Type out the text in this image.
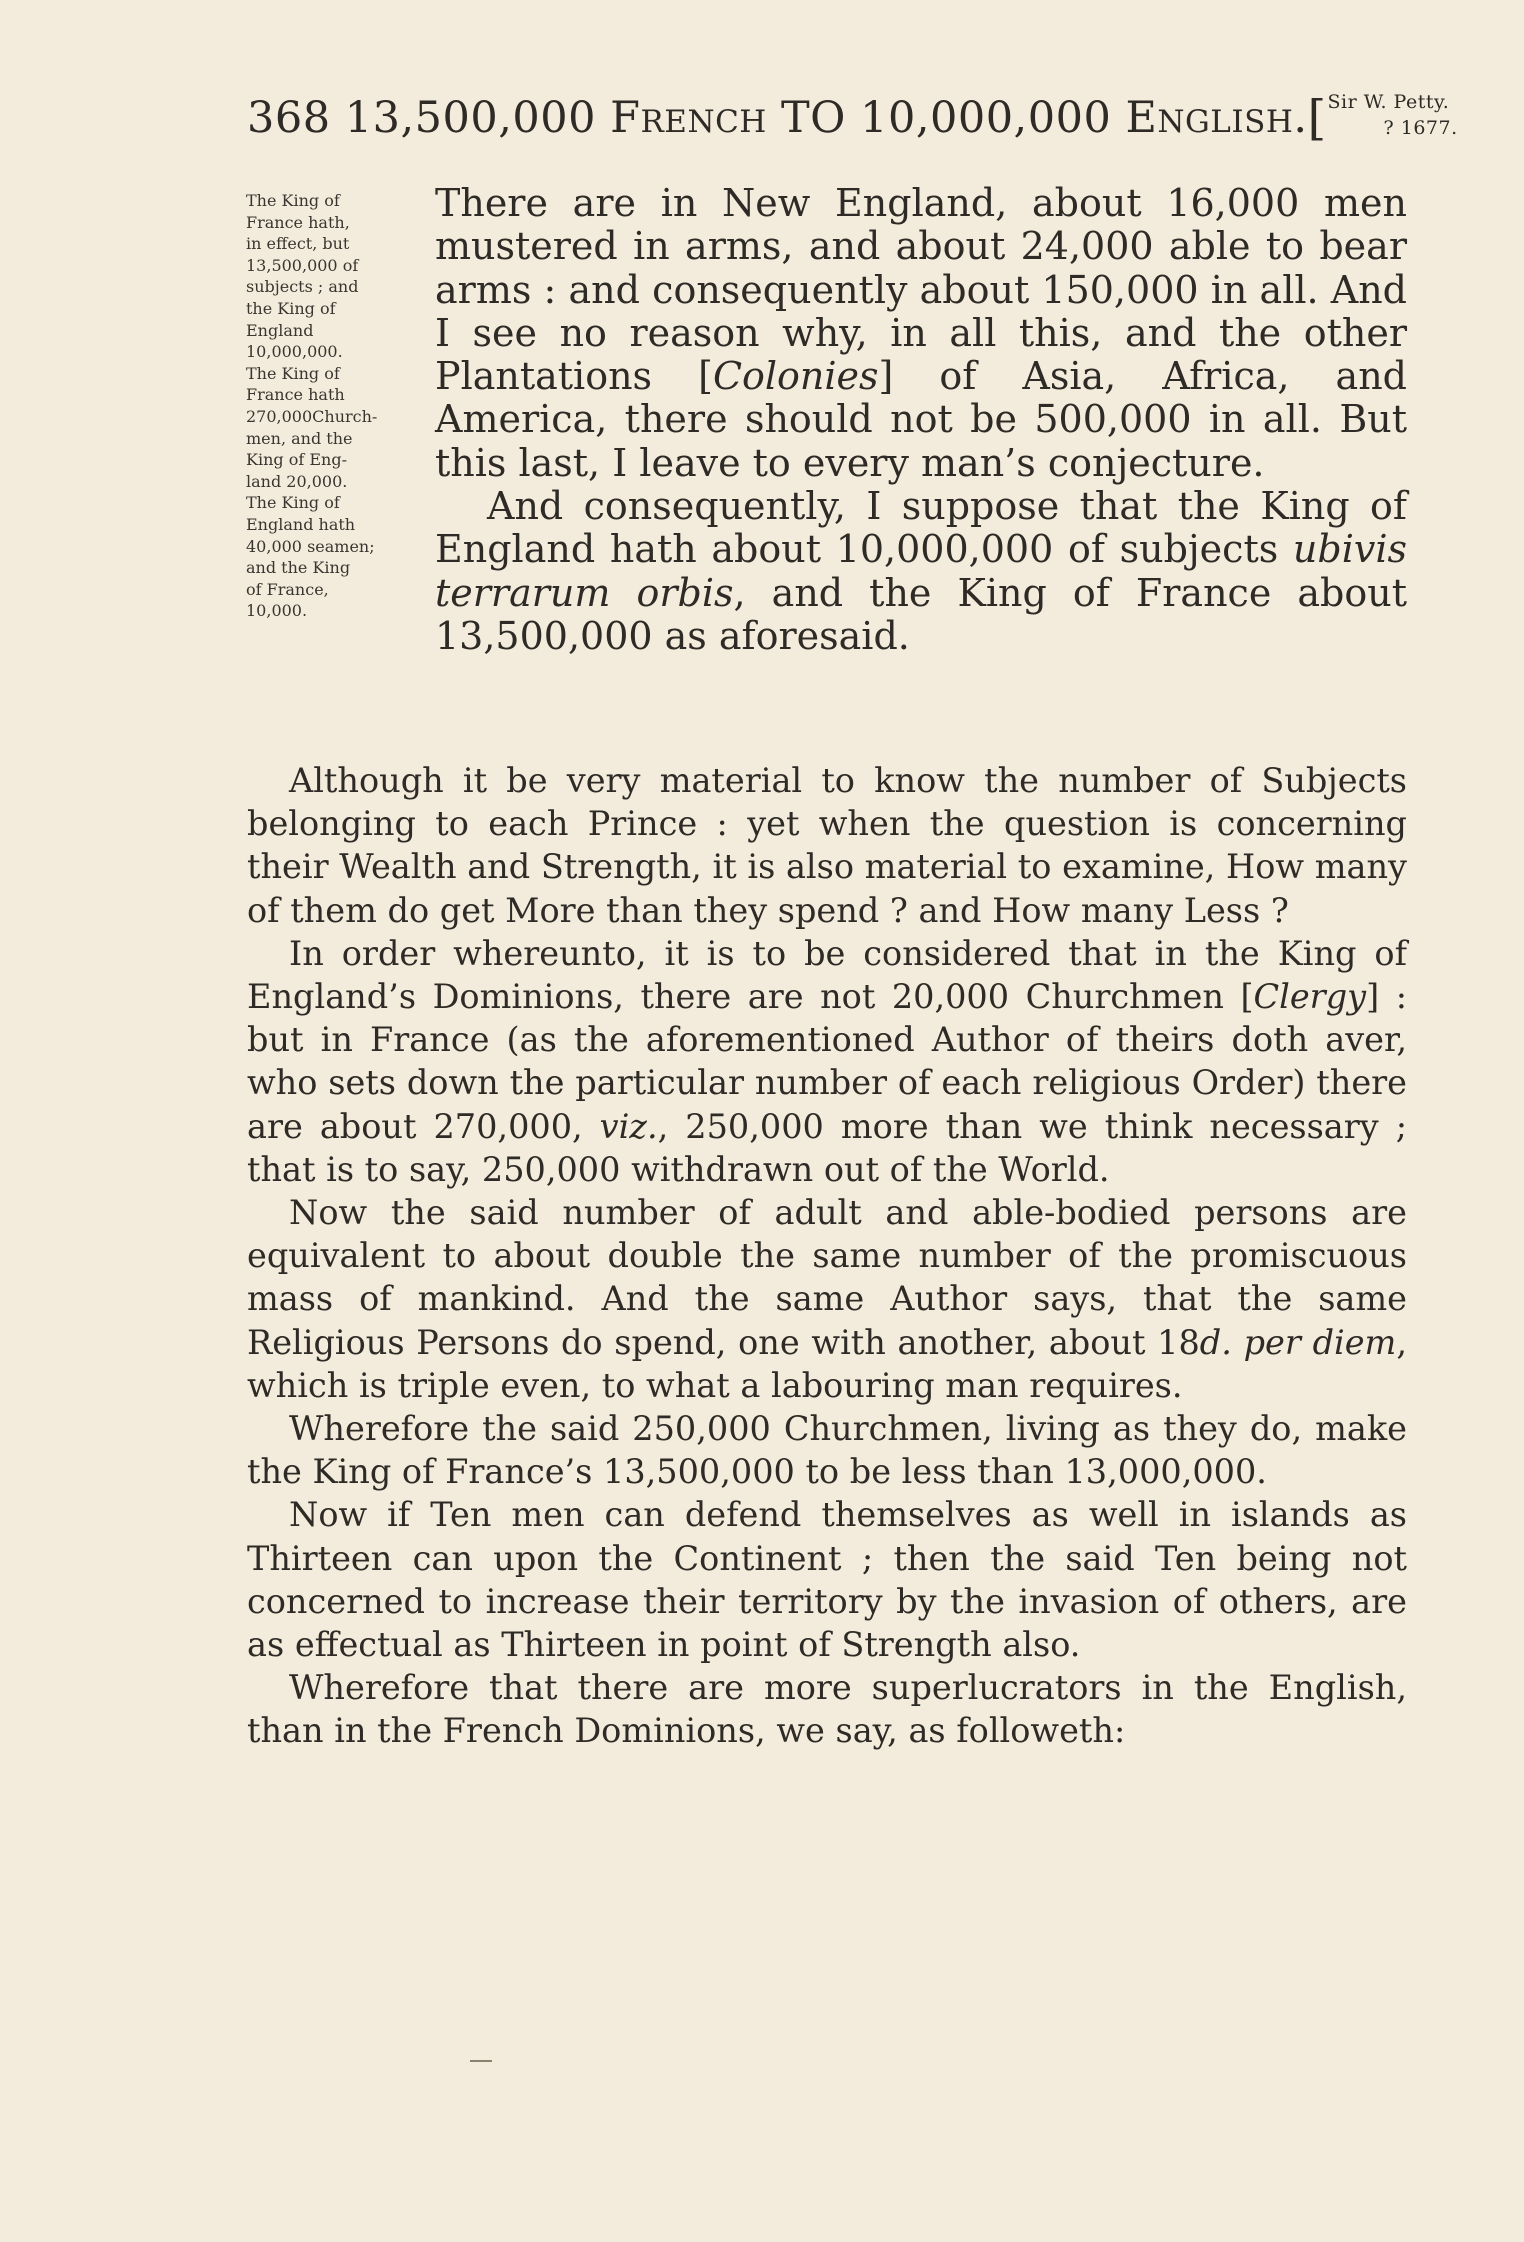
368 13,500,000 FRENCH TO 10,000,000 ENGLISH. [ Sir W. Petty.
? 1677.
The King of
France hath,
in effect, but
13,500,000 of
subjects ; and
the King of
England
10,000,000.
The King of
France hath
270,000Church-
men, and the
King of Eng-
land 20,000.
The King of
England hath
40,000 seamen;
and the King
of France,
10,000.

There are in New England, about 16,000 men mustered in arms, and about 24,000 able to bear arms : and consequently about 150,000 in all. And I see no reason why, in all this, and the other Plantations [Colonies] of Asia, Africa, and America, there should not be 500,000 in all. But this last, I leave to every man’s conjecture.

And consequently, I suppose that the King of England hath about 10,000,000 of subjects ubivis terrarum orbis, and the King of France about 13,500,000 as aforesaid.

Although it be very material to know the number of Subjects belonging to each Prince : yet when the question is concerning their Wealth and Strength, it is also material to examine, How many of them do get More than they spend ? and How many Less ?

In order whereunto, it is to be considered that in the King of England’s Dominions, there are not 20,000 Churchmen [Clergy] : but in France (as the aforementioned Author of theirs doth aver, who sets down the particular number of each religious Order) there are about 270,000, viz., 250,000 more than we think necessary ; that is to say, 250,000 withdrawn out of the World.

Now the said number of adult and able-bodied persons are equivalent to about double the same number of the promiscuous mass of mankind. And the same Author says, that the same Religious Persons do spend, one with another, about 18d. per diem, which is triple even, to what a labouring man requires.

Wherefore the said 250,000 Churchmen, living as they do, make the King of France’s 13,500,000 to be less than 13,000,000.

Now if Ten men can defend themselves as well in islands as Thirteen can upon the Continent ; then the said Ten being not concerned to increase their territory by the invasion of others, are as effectual as Thirteen in point of Strength also.

Wherefore that there are more superlucrators in the English, than in the French Dominions, we say, as followeth:
